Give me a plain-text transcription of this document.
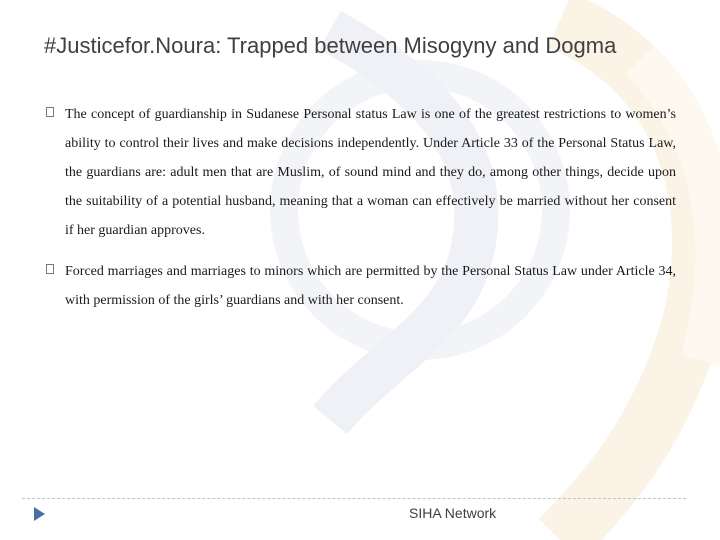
#Justicefor.Noura: Trapped between Misogyny and Dogma

The concept of guardianship in Sudanese Personal status Law is one of the greatest restrictions to women’s ability to control their lives and make decisions independently. Under Article 33 of the Personal Status Law, the guardians are: adult men that are Muslim, of sound mind and they do, among other things, decide upon the suitability of a potential husband, meaning that a woman can effectively be married without her consent if her guardian approves.

Forced marriages and marriages to minors which are permitted by the Personal Status Law under Article 34, with permission of the girls’ guardians and with her consent.

SIHA Network
